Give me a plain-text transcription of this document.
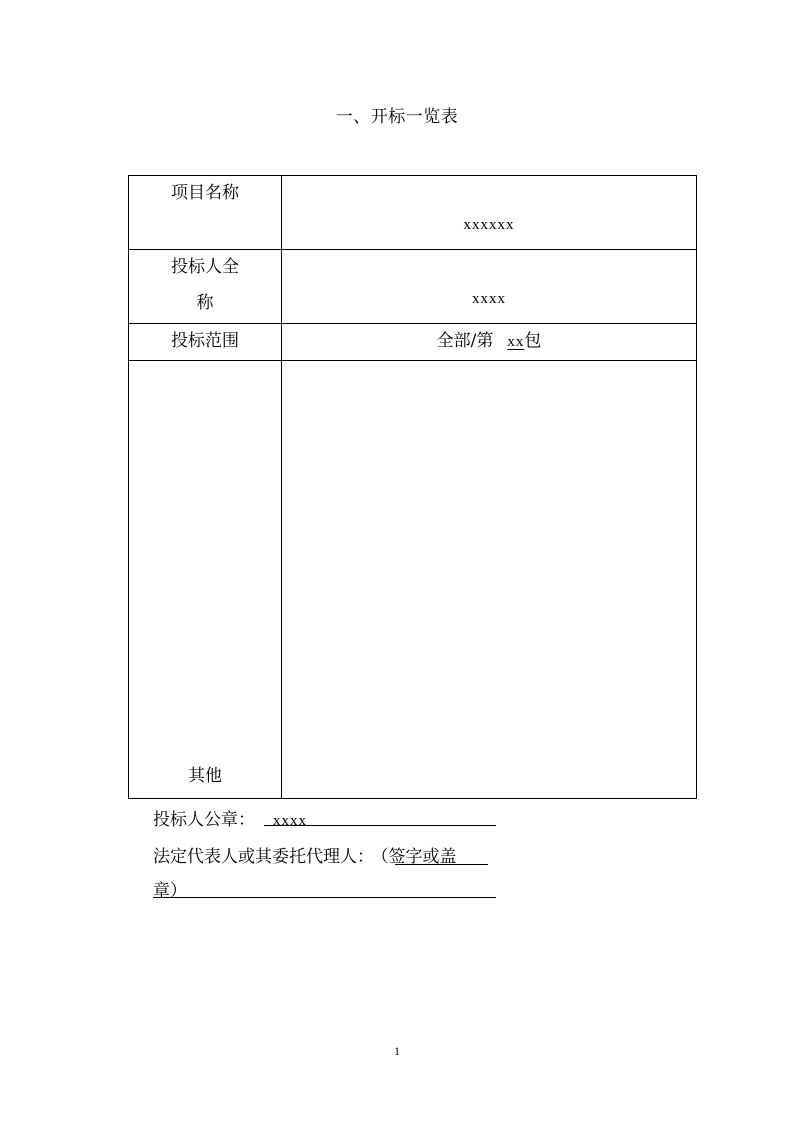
一、开标一览表
项目名称	xxxxxx

投标人全
称	xxxx

投标范围	全部/第 xx包

其他	

投标人公章： xxxx
法定代表人或其委托代理人： （签字或盖
章）
1
